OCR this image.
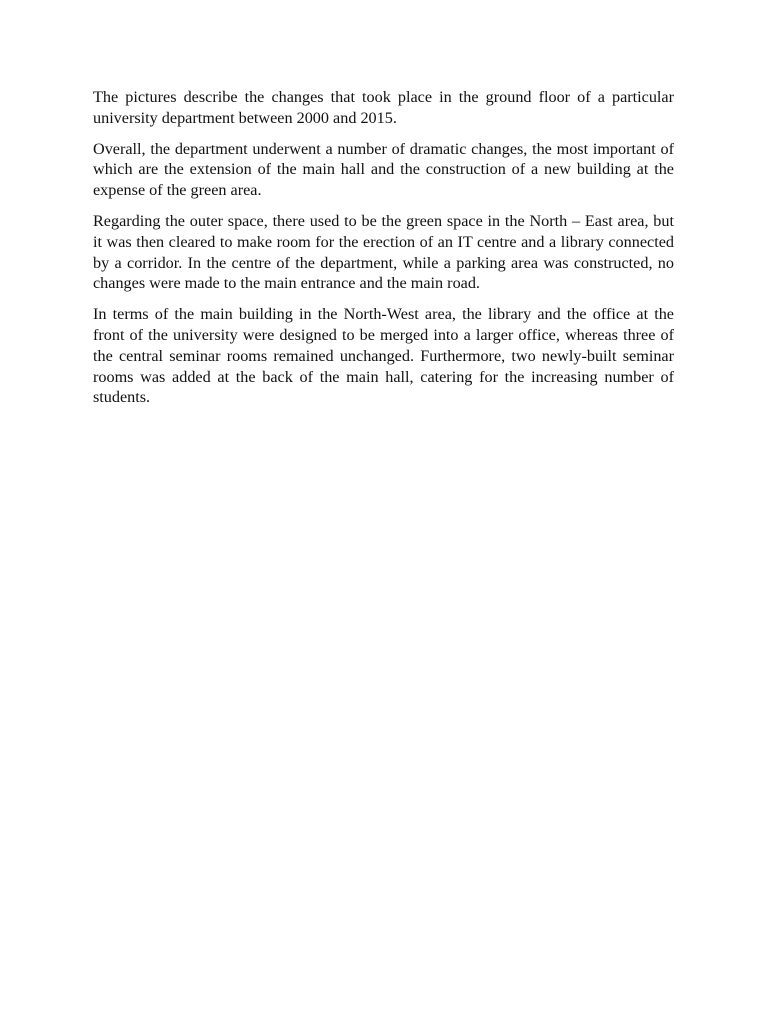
The pictures describe the changes that took place in the ground floor of a particular university department between 2000 and 2015.

Overall, the department underwent a number of dramatic changes, the most important of which are the extension of the main hall and the construction of a new building at the expense of the green area.

Regarding the outer space, there used to be the green space in the North – East area, but it was then cleared to make room for the erection of an IT centre and a library connected by a corridor. In the centre of the department, while a parking area was constructed, no changes were made to the main entrance and the main road.

In terms of the main building in the North-West area, the library and the office at the front of the university were designed to be merged into a larger office, whereas three of the central seminar rooms remained unchanged. Furthermore, two newly-built seminar rooms was added at the back of the main hall, catering for the increasing number of students.
